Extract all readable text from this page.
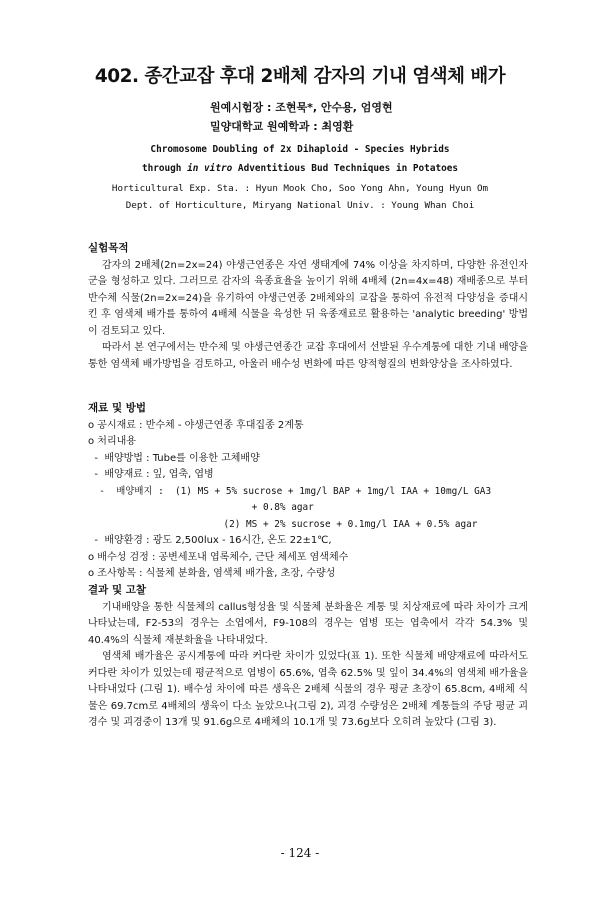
402. 종간교잡 후대 2배체 감자의 기내 염색체 배가
원예시험장 : 조현묵*, 안수용, 엄영현
밀양대학교 원예학과 : 최영환
Chromosome Doubling of 2x Dihaploid - Species Hybrids
through in vitro Adventitious Bud Techniques in Potatoes
Horticultural Exp. Sta. : Hyun Mook Cho, Soo Yong Ahn, Young Hyun Om
Dept. of Horticulture, Miryang National Univ. : Young Whan Choi
실험목적
감자의 2배체(2n=2x=24) 야생근연종은 자연 생태계에 74% 이상을 차지하며, 다양한 유전인자군을 형성하고 있다. 그러므로 감자의 육종효율을 높이기 위해 4배체 (2n=4x=48) 재배종으로 부터 반수체 식물(2n=2x=24)을 유기하여 야생근연종 2배체와의 교잡을 통하여 유전적 다양성을 증대시킨 후 염색체 배가를 통하여 4배체 식물을 육성한 뒤 육종재료로 활용하는 'analytic breeding' 방법이 검토되고 있다.
따라서 본 연구에서는 반수체 및 야생근연종간 교잡 후대에서 선발된 우수계통에 대한 기내 배양을 통한 염색체 배가방법을 검토하고, 아울러 배수성 변화에 따른 양적형질의 변화양상을 조사하였다.
재료 및 방법
o 공시재료 : 반수체 - 야생근연종 후대집종 2계통
o 처리내용
-  배양방법 : Tube를 이용한 고체배양
-  배양재료 : 잎, 엽축, 엽병
-  배양배지 :  (1) MS + 5% sucrose + 1mg/l BAP + 1mg/l IAA + 10mg/L GA3
+ 0.8% agar
(2) MS + 2% sucrose + 0.1mg/l IAA + 0.5% agar
-  배양환경 : 광도 2,500lux - 16시간, 온도 22±1℃,
o 배수성 검정 : 공변세포내 엽록체수, 근단 체세포 염색체수
o 조사항목 : 식물체 분화율, 염색체 배가율, 초장, 수량성
결과 및 고찰
기내배양을 통한 식물체의 callus형성율 및 식물체 분화율은 계통 및 치상재료에 따라 차이가 크게 나타났는데, F2-53의 경우는 소엽에서, F9-108의 경우는 엽병 또는 엽축에서 각각 54.3% 및 40.4%의 식물체 재분화율을 나타내었다.
염색체 배가율은 공시계통에 따라 커다란 차이가 있었다(표 1). 또한 식물체 배양재료에 따라서도 커다란 차이가 있었는데 평균적으로 엽병이 65.6%, 엽축 62.5% 및 잎이 34.4%의 염색체 배가율을 나타내었다 (그림 1). 배수성 차이에 따른 생육은 2배체 식물의 경우 평균 초장이 65.8cm, 4배체 식물은 69.7cm로 4배체의 생육이 다소 높았으나(그림 2), 괴경 수량성은 2배체 계통들의 주당 평균 괴경수 및 괴경중이 13개 및 91.6g으로 4배체의 10.1개 및 73.6g보다 오히려 높았다 (그림 3).
- 124 -
